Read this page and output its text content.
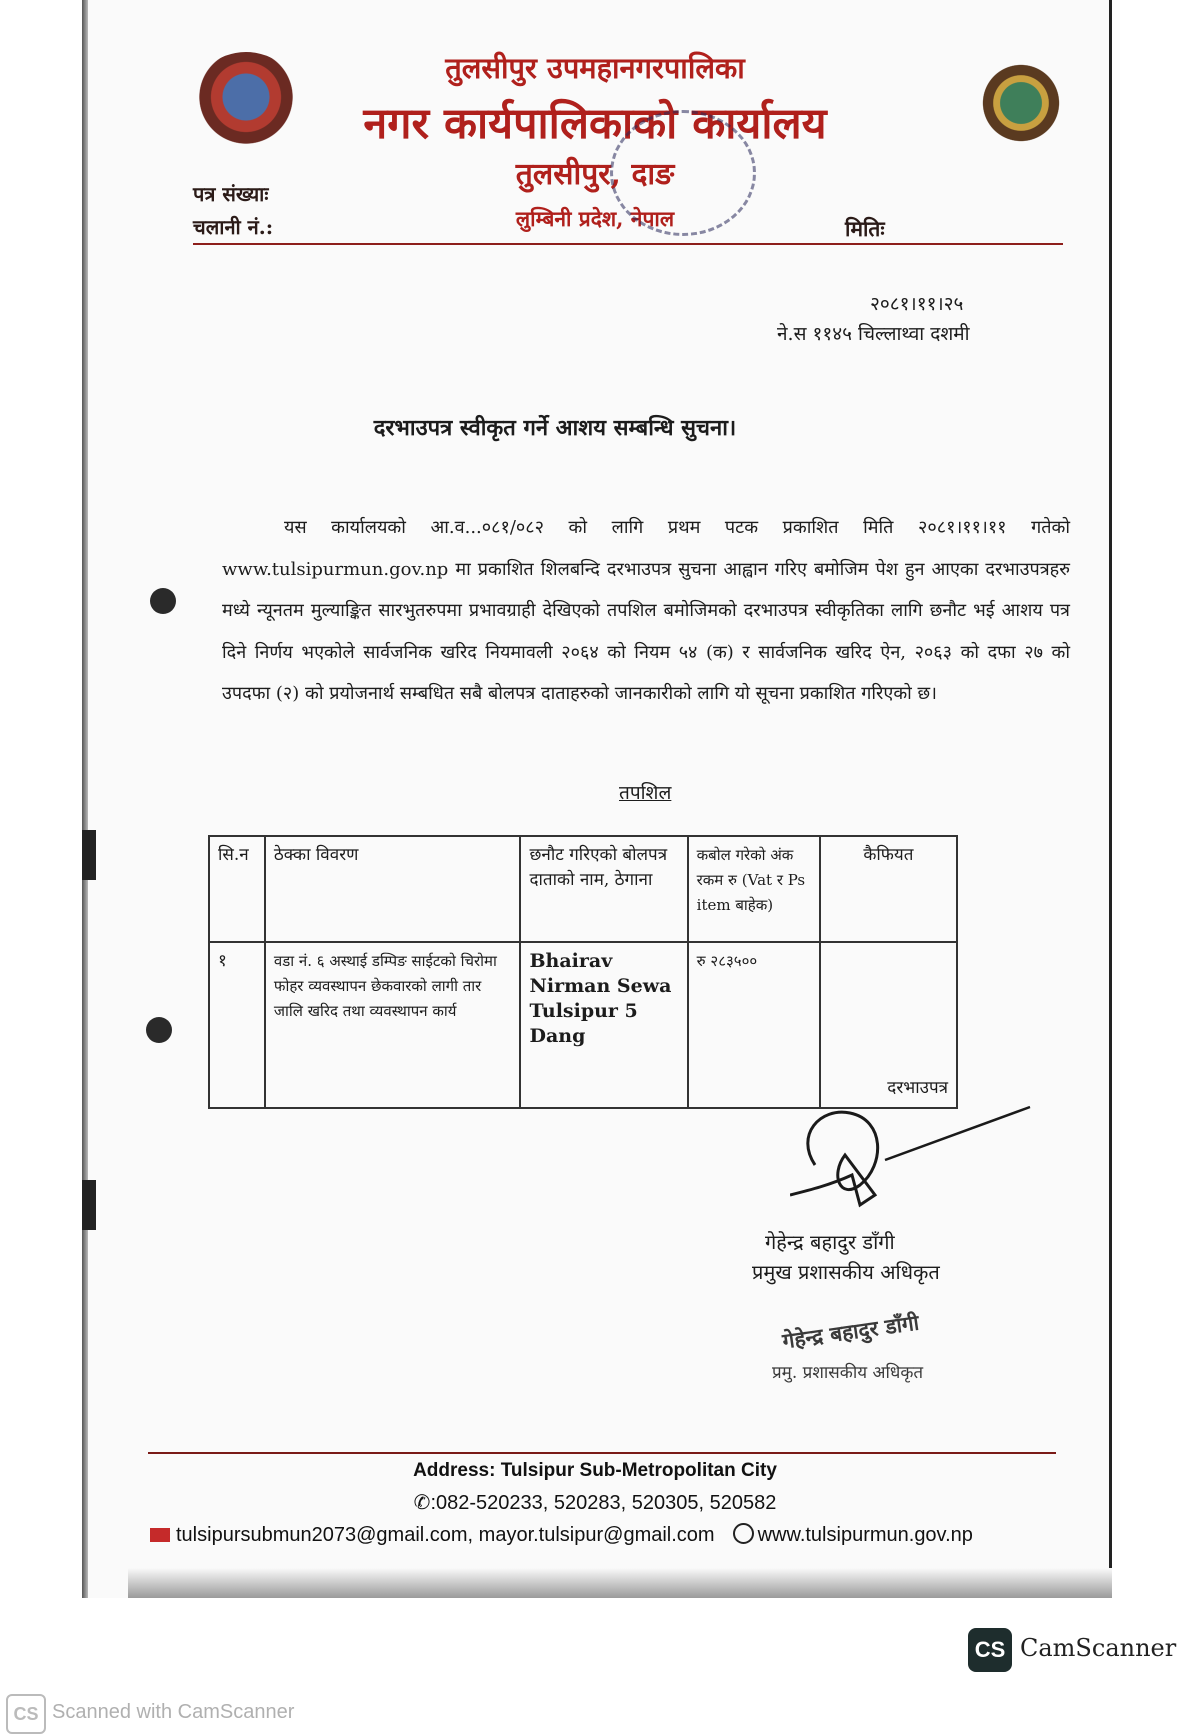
तुलसीपुर उपमहानगरपालिका
नगर कार्यपालिकाको कार्यालय
तुलसीपुर, दाङ
लुम्बिनी प्रदेश, नेपाल
पत्र संख्याः
चलानी नं.:	मितिः
२०८१।११।२५
ने.स ११४५ चिल्लाथ्वा दशमी
दरभाउपत्र स्वीकृत गर्ने आशय सम्बन्धि सुचना।
यस कार्यालयको आ.व...०८१/०८२ को लागि प्रथम पटक प्रकाशित मिति २०८१।११।११ गतेको www.tulsipurmun.gov.np मा प्रकाशित शिलबन्दि दरभाउपत्र सुचना आह्वान गरिए बमोजिम पेश हुन आएका दरभाउपत्रहरु मध्ये न्यूनतम मुल्याङ्कित सारभुतरुपमा प्रभावग्राही देखिएको तपशिल बमोजिमको दरभाउपत्र स्वीकृतिका लागि छनौट भई आशय पत्र दिने निर्णय भएकोले सार्वजनिक खरिद नियमावली २०६४ को नियम ५४ (क) र सार्वजनिक खरिद ऐन, २०६३ को दफा २७ को उपदफा (२) को प्रयोजनार्थ सम्बधित सबै बोलपत्र दाताहरुको जानकारीको लागि यो सूचना प्रकाशित गरिएको छ।
तपशिल
सि.न	ठेक्का विवरण	छनौट गरिएको बोलपत्र दाताको नाम, ठेगाना	कबोल गरेको अंक रकम रु (Vat र Ps item बाहेक)	कैफियत
१	वडा नं. ६ अस्थाई डम्पिङ साईटको चिरोमा फोहर व्यवस्थापन छेकवारको लागी तार जालि खरिद तथा व्यवस्थापन कार्य	Bhairav Nirman Sewa Tulsipur 5 Dang	रु २८३५००	दरभाउपत्र
गेहेन्द्र बहादुर डाँगी
प्रमुख प्रशासकीय अधिकृत
गेहेन्द्र बहादुर डाँगी
प्रमु. प्रशासकीय अधिकृत
Address: Tulsipur Sub-Metropolitan City
✆:082-520233, 520283, 520305, 520582
tulsipursubmun2073@gmail.com, mayor.tulsipur@gmail.com www.tulsipurmun.gov.np
CS CamScanner
CS Scanned with CamScanner
